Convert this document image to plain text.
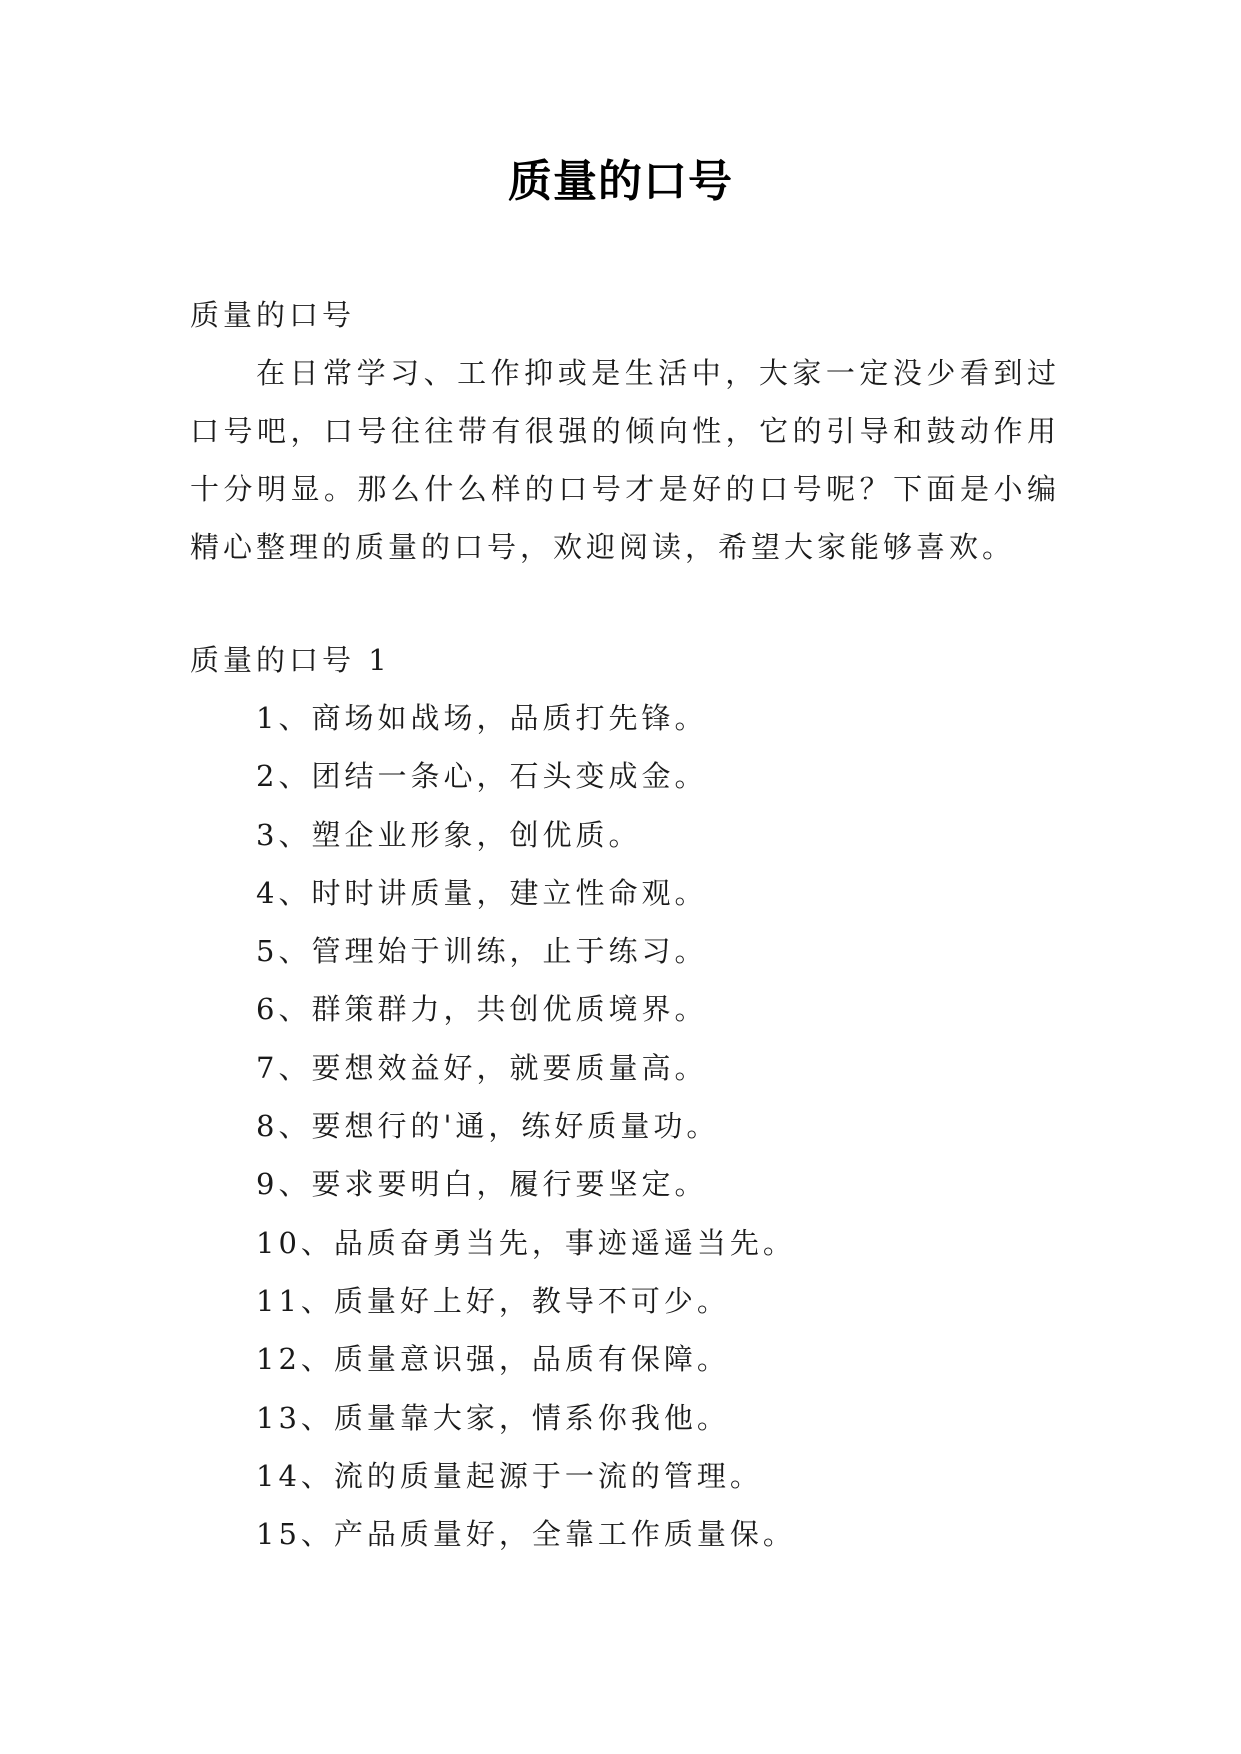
质量的口号

质量的口号

在日常学习、工作抑或是生活中，大家一定没少看到过口号吧，口号往往带有很强的倾向性，它的引导和鼓动作用十分明显。那么什么样的口号才是好的口号呢？下面是小编精心整理的质量的口号，欢迎阅读，希望大家能够喜欢。

质量的口号 1

1、商场如战场，品质打先锋。
2、团结一条心，石头变成金。
3、塑企业形象，创优质。
4、时时讲质量，建立性命观。
5、管理始于训练，止于练习。
6、群策群力，共创优质境界。
7、要想效益好，就要质量高。
8、要想行的'通，练好质量功。
9、要求要明白，履行要坚定。
10、品质奋勇当先，事迹遥遥当先。
11、质量好上好，教导不可少。
12、质量意识强，品质有保障。
13、质量靠大家，情系你我他。
14、流的质量起源于一流的管理。
15、产品质量好，全靠工作质量保。
